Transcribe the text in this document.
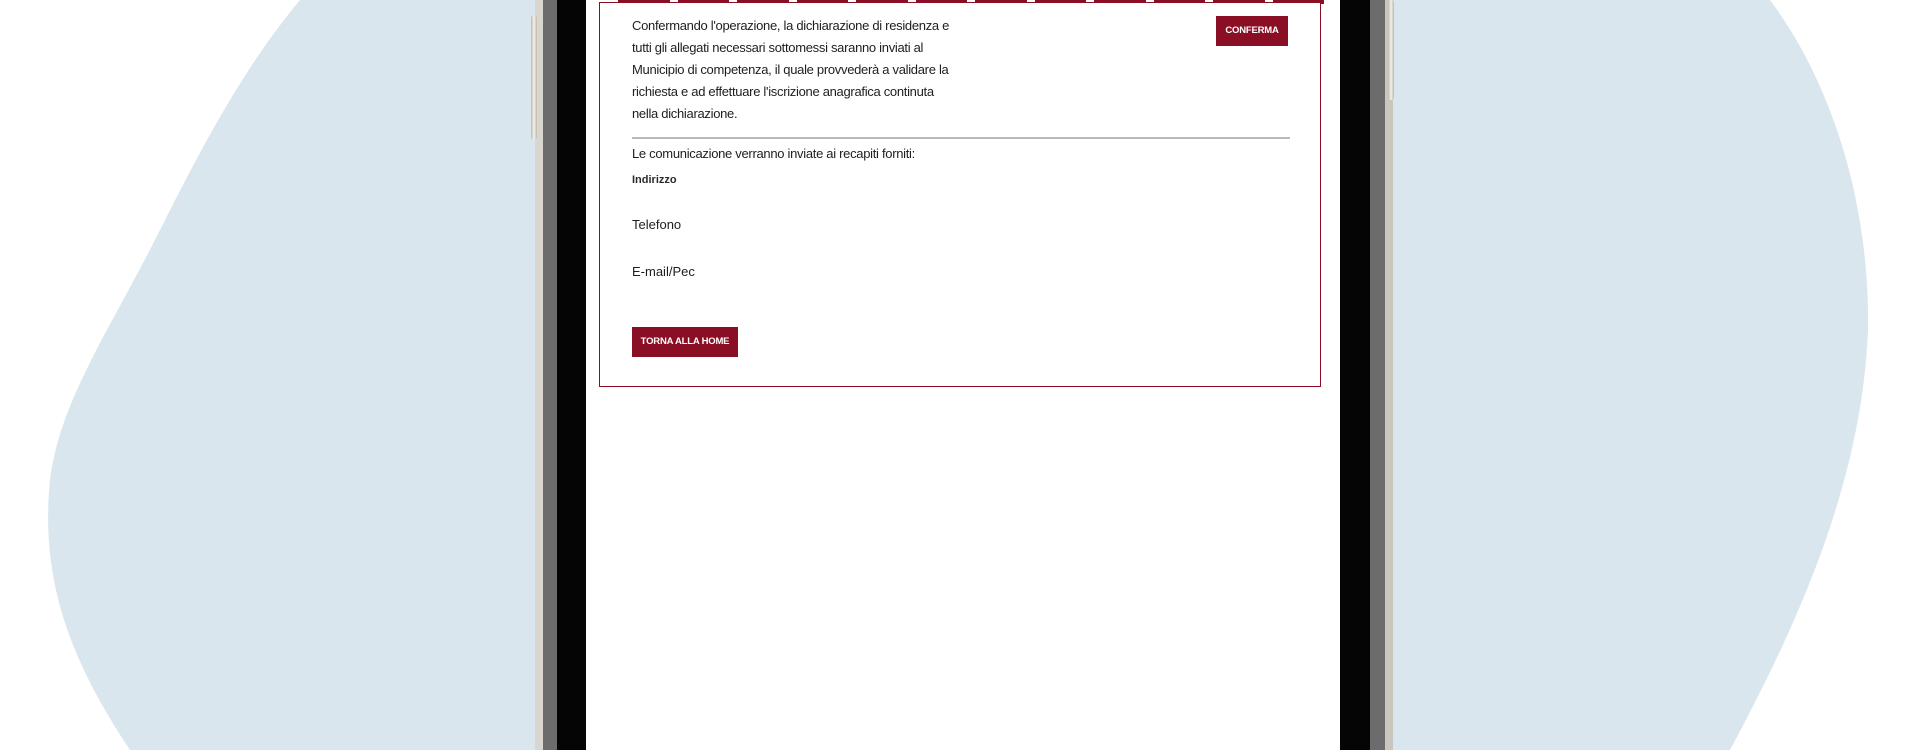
Confermando l'operazione, la dichiarazione di residenza e tutti gli allegati necessari sottomessi saranno inviati al Municipio di competenza, il quale provvederà a validare la richiesta e ad effettuare l'iscrizione anagrafica continuta nella dichiarazione.
CONFERMA
Le comunicazione verranno inviate ai recapiti forniti:
Indirizzo
Telefono
E-mail/Pec
TORNA ALLA HOME
